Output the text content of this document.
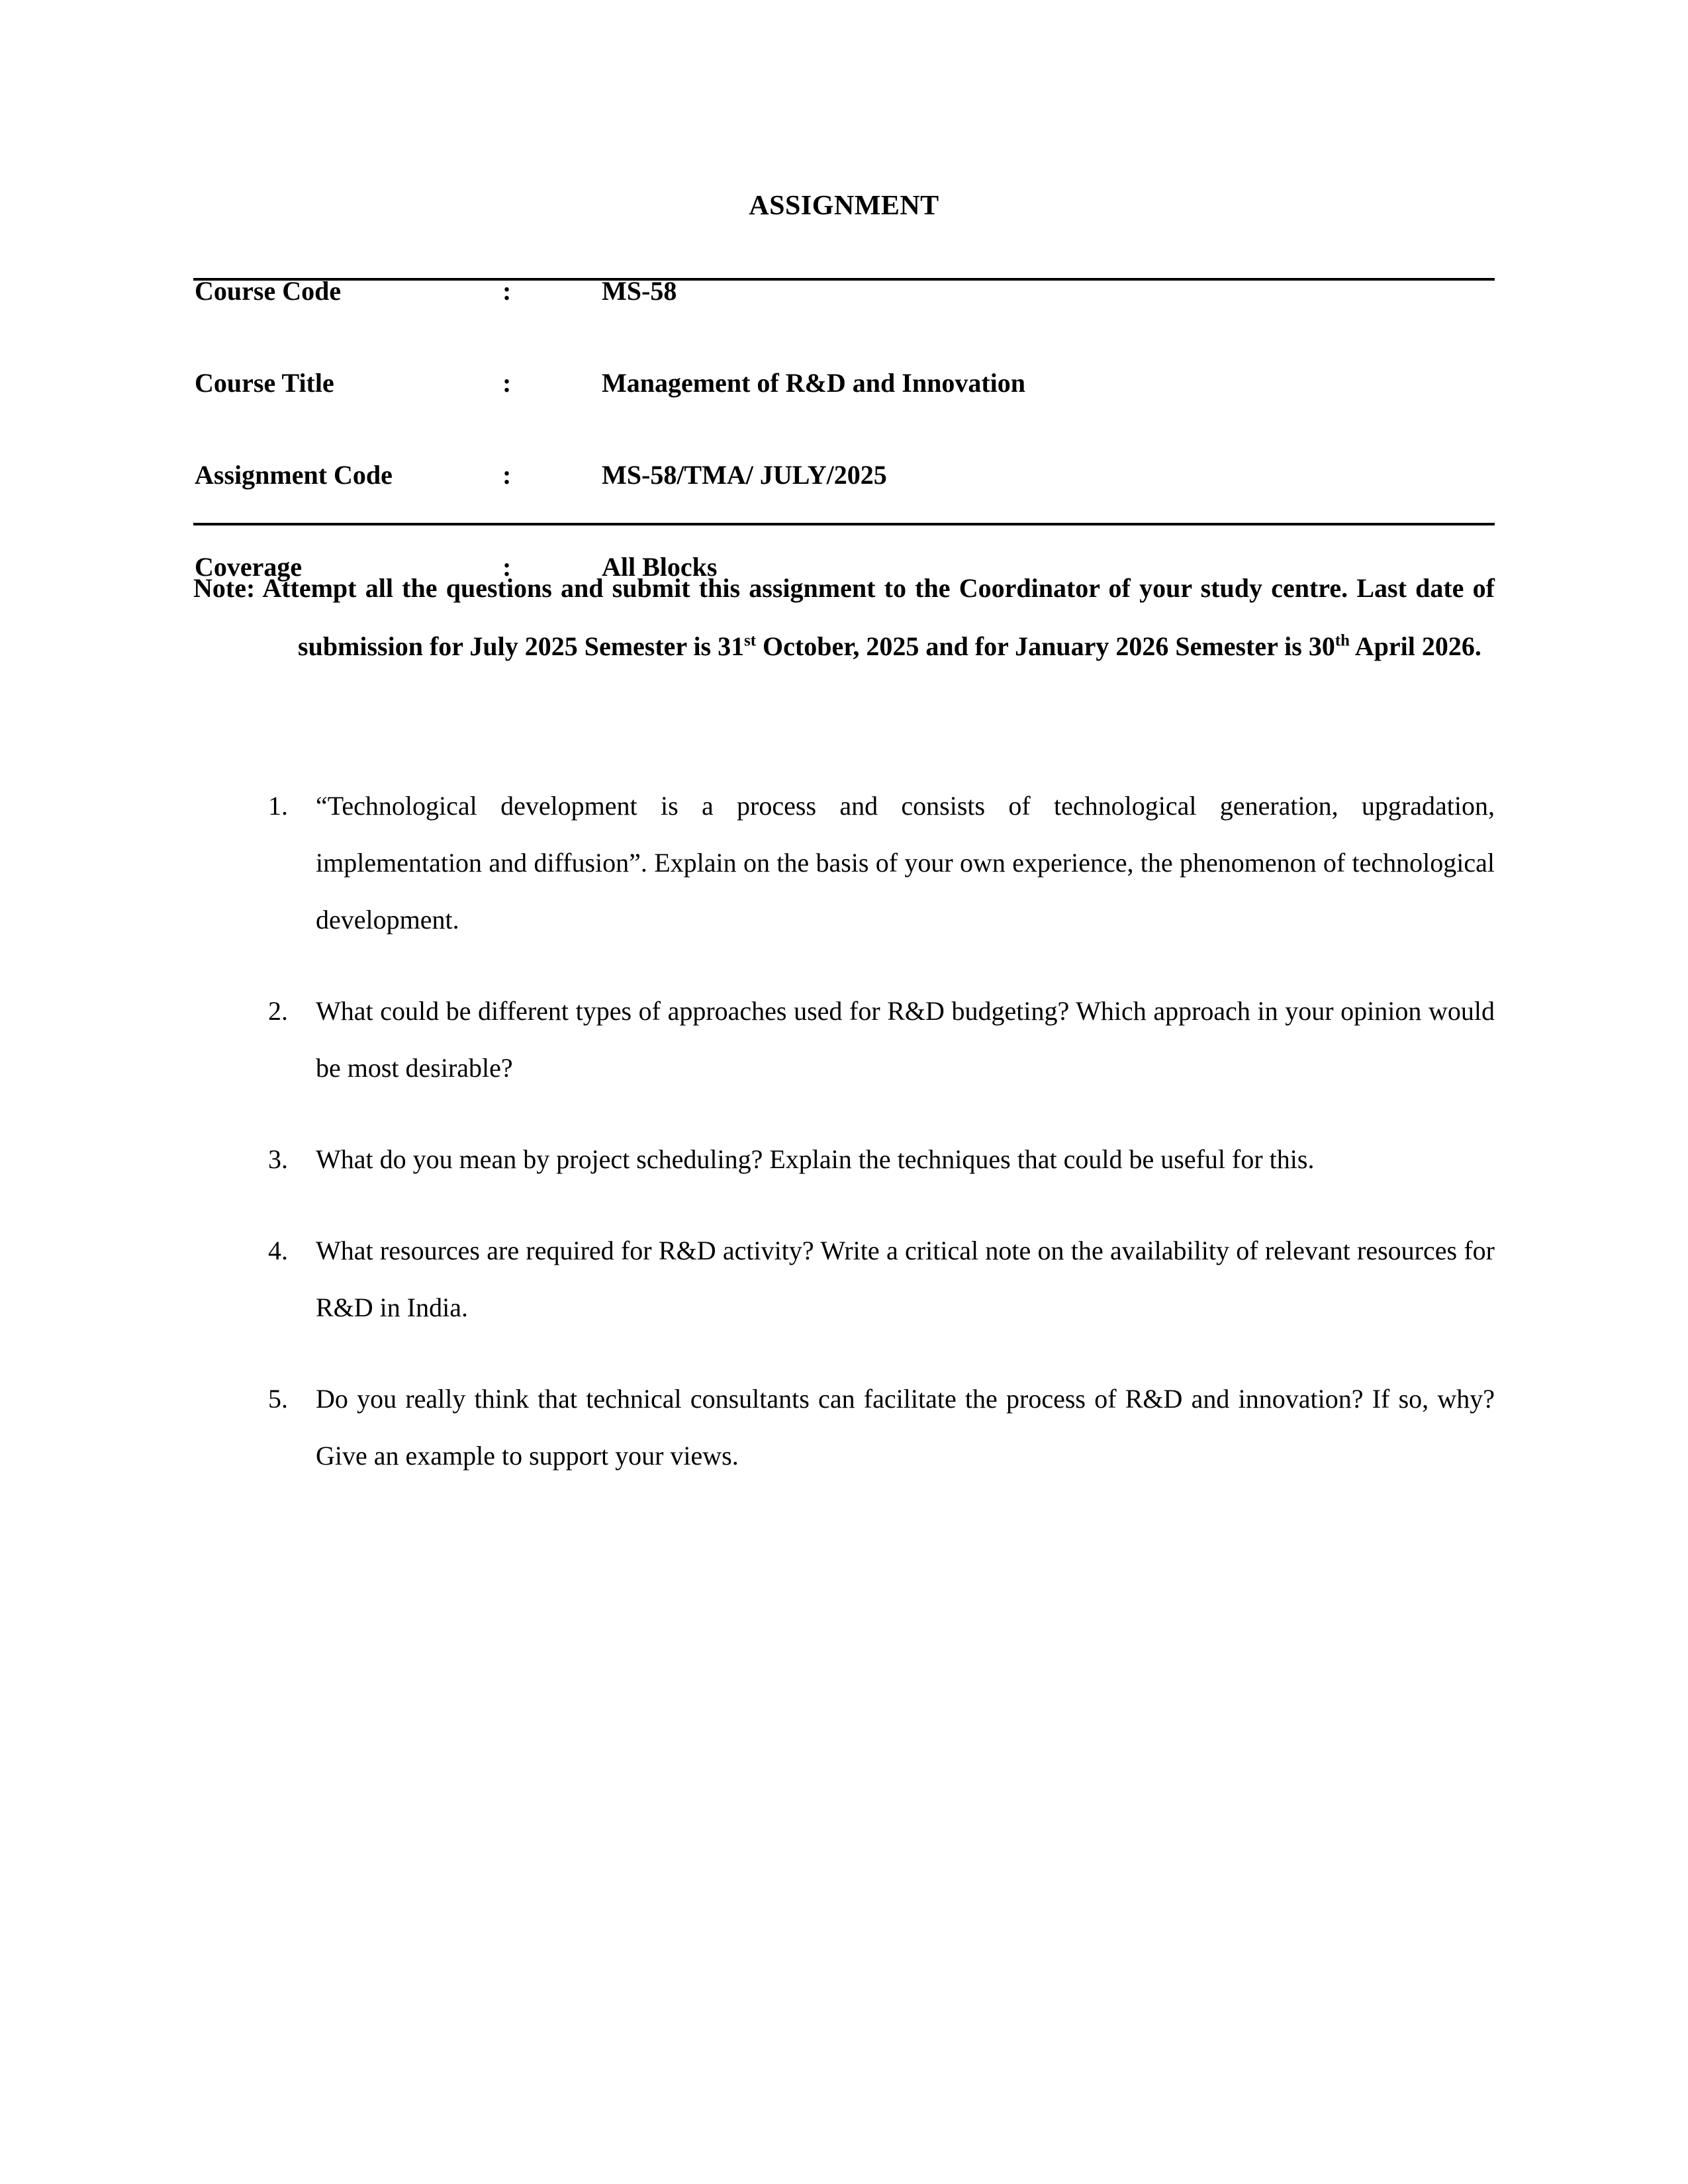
ASSIGNMENT
Course Code	:	MS-58

Course Title	:	Management of R&D and Innovation

Assignment Code	:	MS-58/TMA/ JULY/2025

Coverage	:	All Blocks
Note: Attempt all the questions and submit this assignment to the Coordinator of your study centre. Last date of submission for July 2025 Semester is 31st October, 2025 and for January 2026 Semester is 30th April 2026.
1. “Technological development is a process and consists of technological generation, upgradation, implementation and diffusion”. Explain on the basis of your own experience, the phenomenon of technological development.
2. What could be different types of approaches used for R&D budgeting? Which approach in your opinion would be most desirable?
3. What do you mean by project scheduling? Explain the techniques that could be useful for this.
4. What resources are required for R&D activity? Write a critical note on the availability of relevant resources for R&D in India.
5. Do you really think that technical consultants can facilitate the process of R&D and innovation? If so, why? Give an example to support your views.
